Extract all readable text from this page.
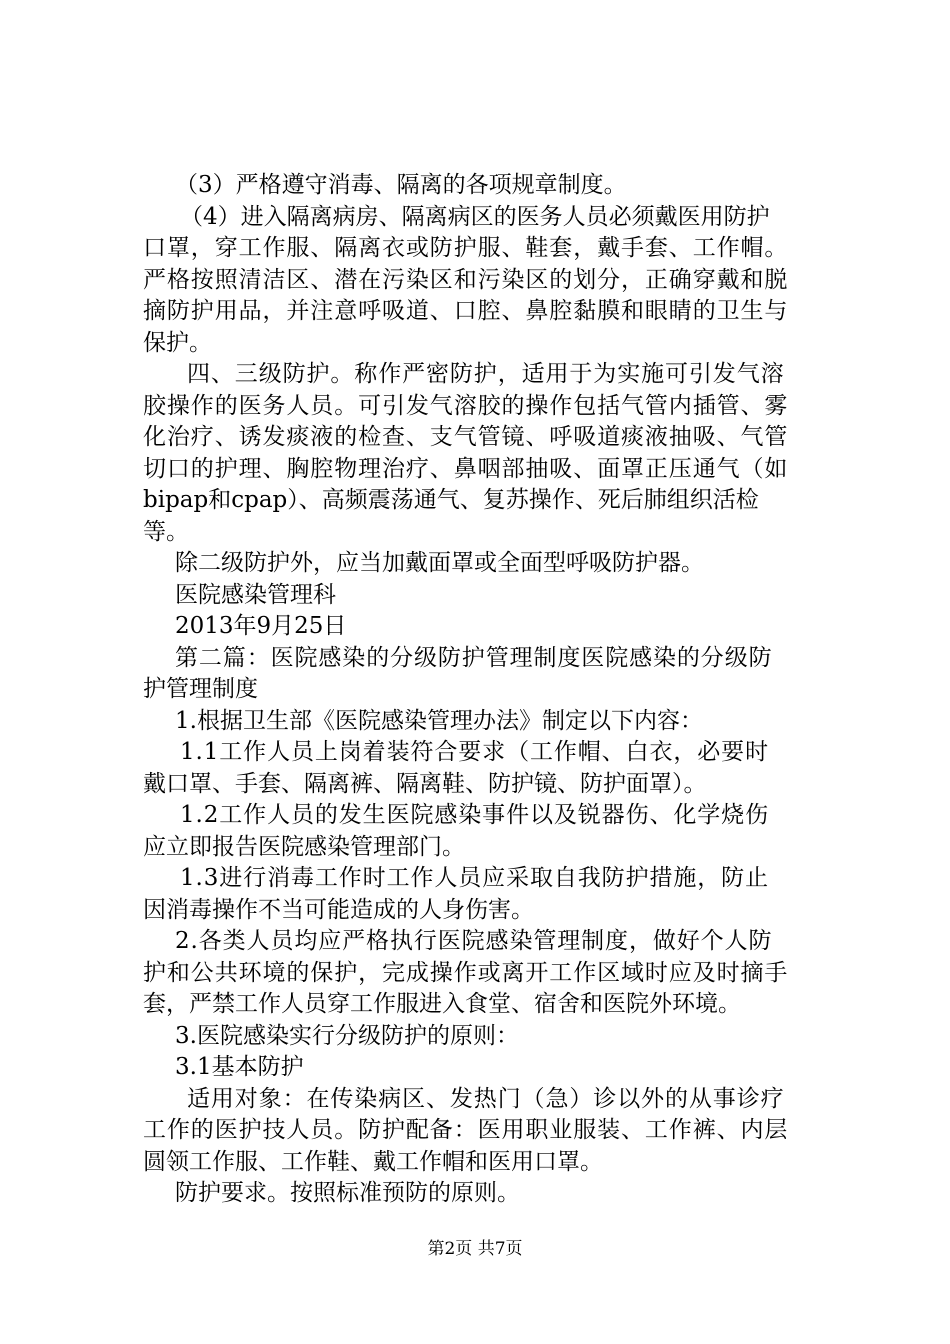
（3）严格遵守消毒、隔离的各项规章制度。
（4）进入隔离病房、隔离病区的医务人员必须戴医用防护
口罩，穿工作服、隔离衣或防护服、鞋套，戴手套、工作帽。
严格按照清洁区、潜在污染区和污染区的划分，正确穿戴和脱
摘防护用品，并注意呼吸道、口腔、鼻腔黏膜和眼睛的卫生与
保护。
四、三级防护。称作严密防护，适用于为实施可引发气溶
胶操作的医务人员。可引发气溶胶的操作包括气管内插管、雾
化治疗、诱发痰液的检查、支气管镜、呼吸道痰液抽吸、气管
切口的护理、胸腔物理治疗、鼻咽部抽吸、面罩正压通气（如
bipap和cpap）、高频震荡通气、复苏操作、死后肺组织活检
等。
除二级防护外，应当加戴面罩或全面型呼吸防护器。
医院感染管理科
2013年9月25日
第二篇：医院感染的分级防护管理制度医院感染的分级防
护管理制度
1.根据卫生部《医院感染管理办法》制定以下内容：
1.1工作人员上岗着装符合要求（工作帽、白衣，必要时
戴口罩、手套、隔离裤、隔离鞋、防护镜、防护面罩）。
1.2工作人员的发生医院感染事件以及锐器伤、化学烧伤
应立即报告医院感染管理部门。
1.3进行消毒工作时工作人员应采取自我防护措施，防止
因消毒操作不当可能造成的人身伤害。
2.各类人员均应严格执行医院感染管理制度，做好个人防
护和公共环境的保护，完成操作或离开工作区域时应及时摘手
套，严禁工作人员穿工作服进入食堂、宿舍和医院外环境。
3.医院感染实行分级防护的原则：
3.1基本防护
适用对象：在传染病区、发热门（急）诊以外的从事诊疗
工作的医护技人员。防护配备：医用职业服装、工作裤、内层
圆领工作服、工作鞋、戴工作帽和医用口罩。
防护要求。按照标准预防的原则。
第2页 共7页
